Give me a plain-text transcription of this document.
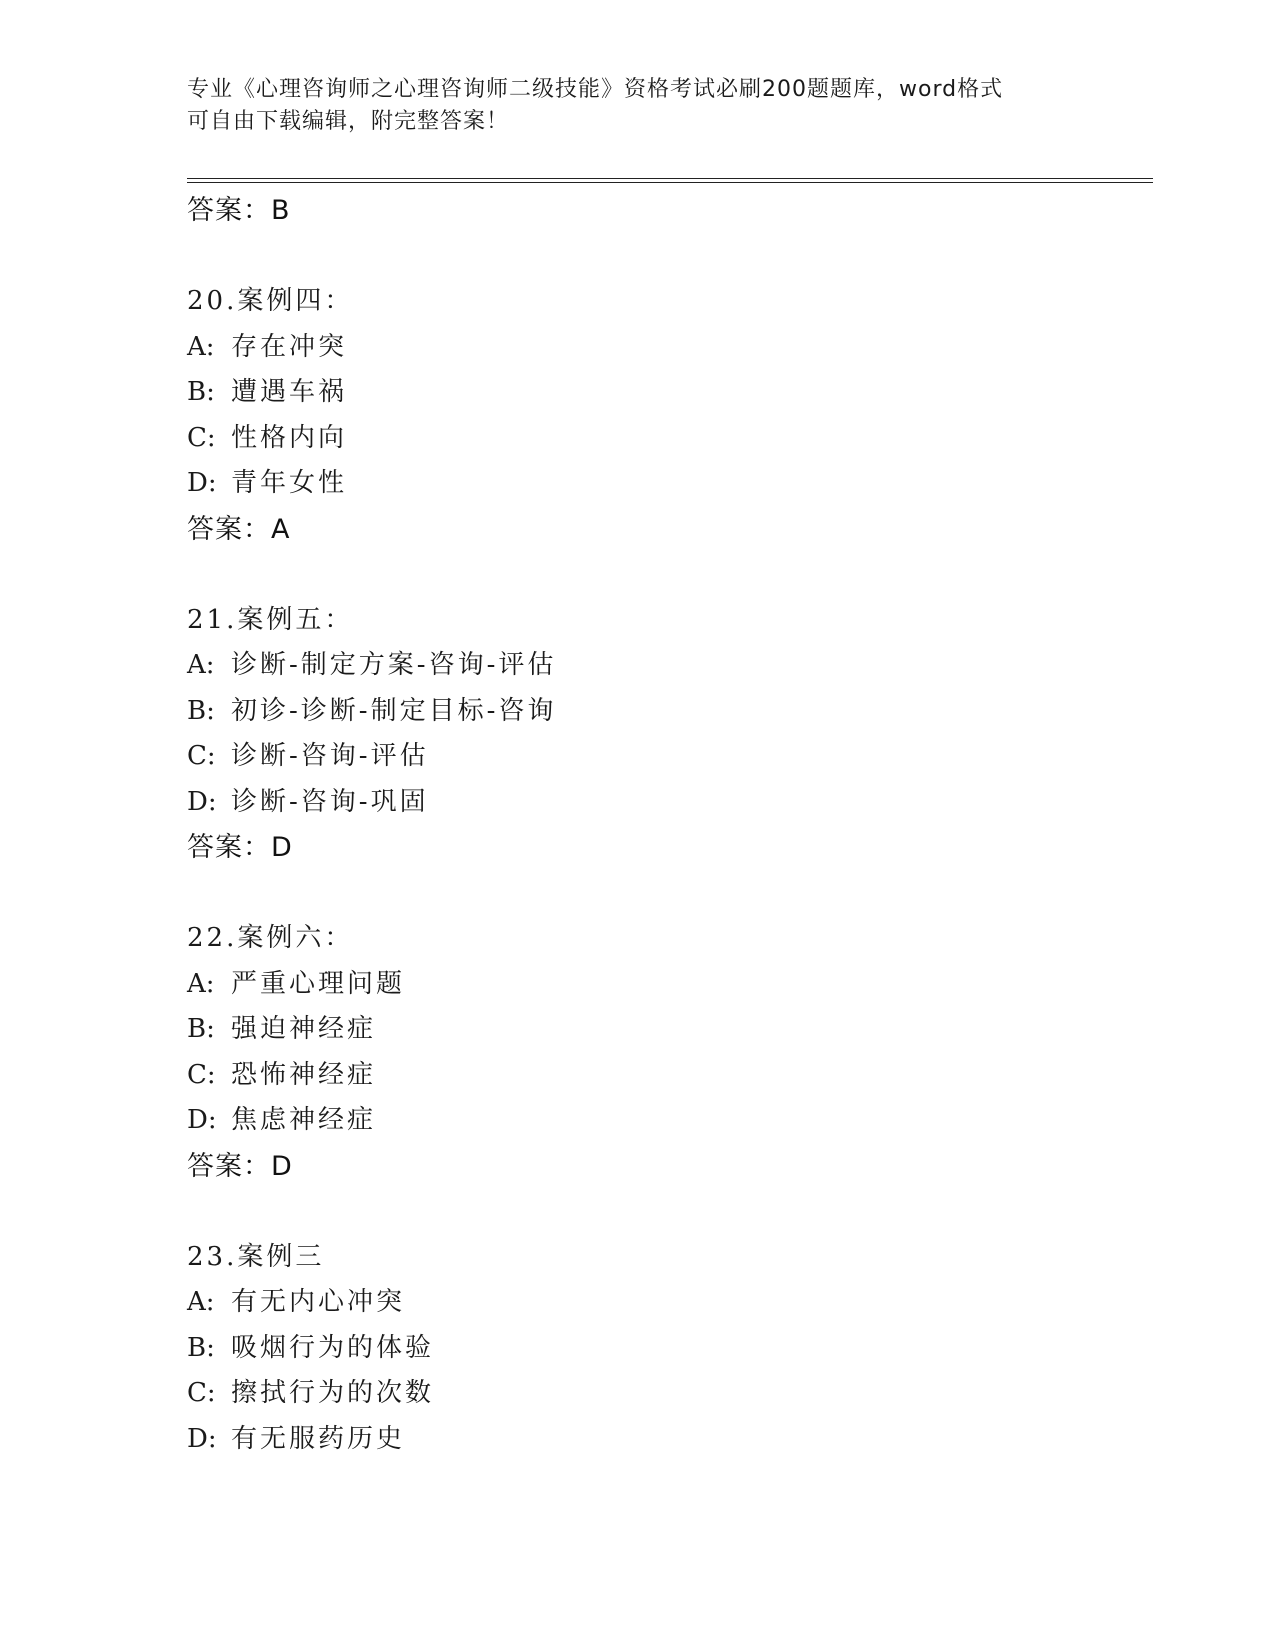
专业《心理咨询师之心理咨询师二级技能》资格考试必刷200题题库，word格式
可自由下载编辑，附完整答案！
答案：B
20.案例四：
A: 存在冲突
B: 遭遇车祸
C: 性格内向
D: 青年女性
答案：A
21.案例五：
A: 诊断-制定方案-咨询-评估
B: 初诊-诊断-制定目标-咨询
C: 诊断-咨询-评估
D: 诊断-咨询-巩固
答案：D
22.案例六：
A: 严重心理问题
B: 强迫神经症
C: 恐怖神经症
D: 焦虑神经症
答案：D
23.案例三
A: 有无内心冲突
B: 吸烟行为的体验
C: 擦拭行为的次数
D: 有无服药历史
